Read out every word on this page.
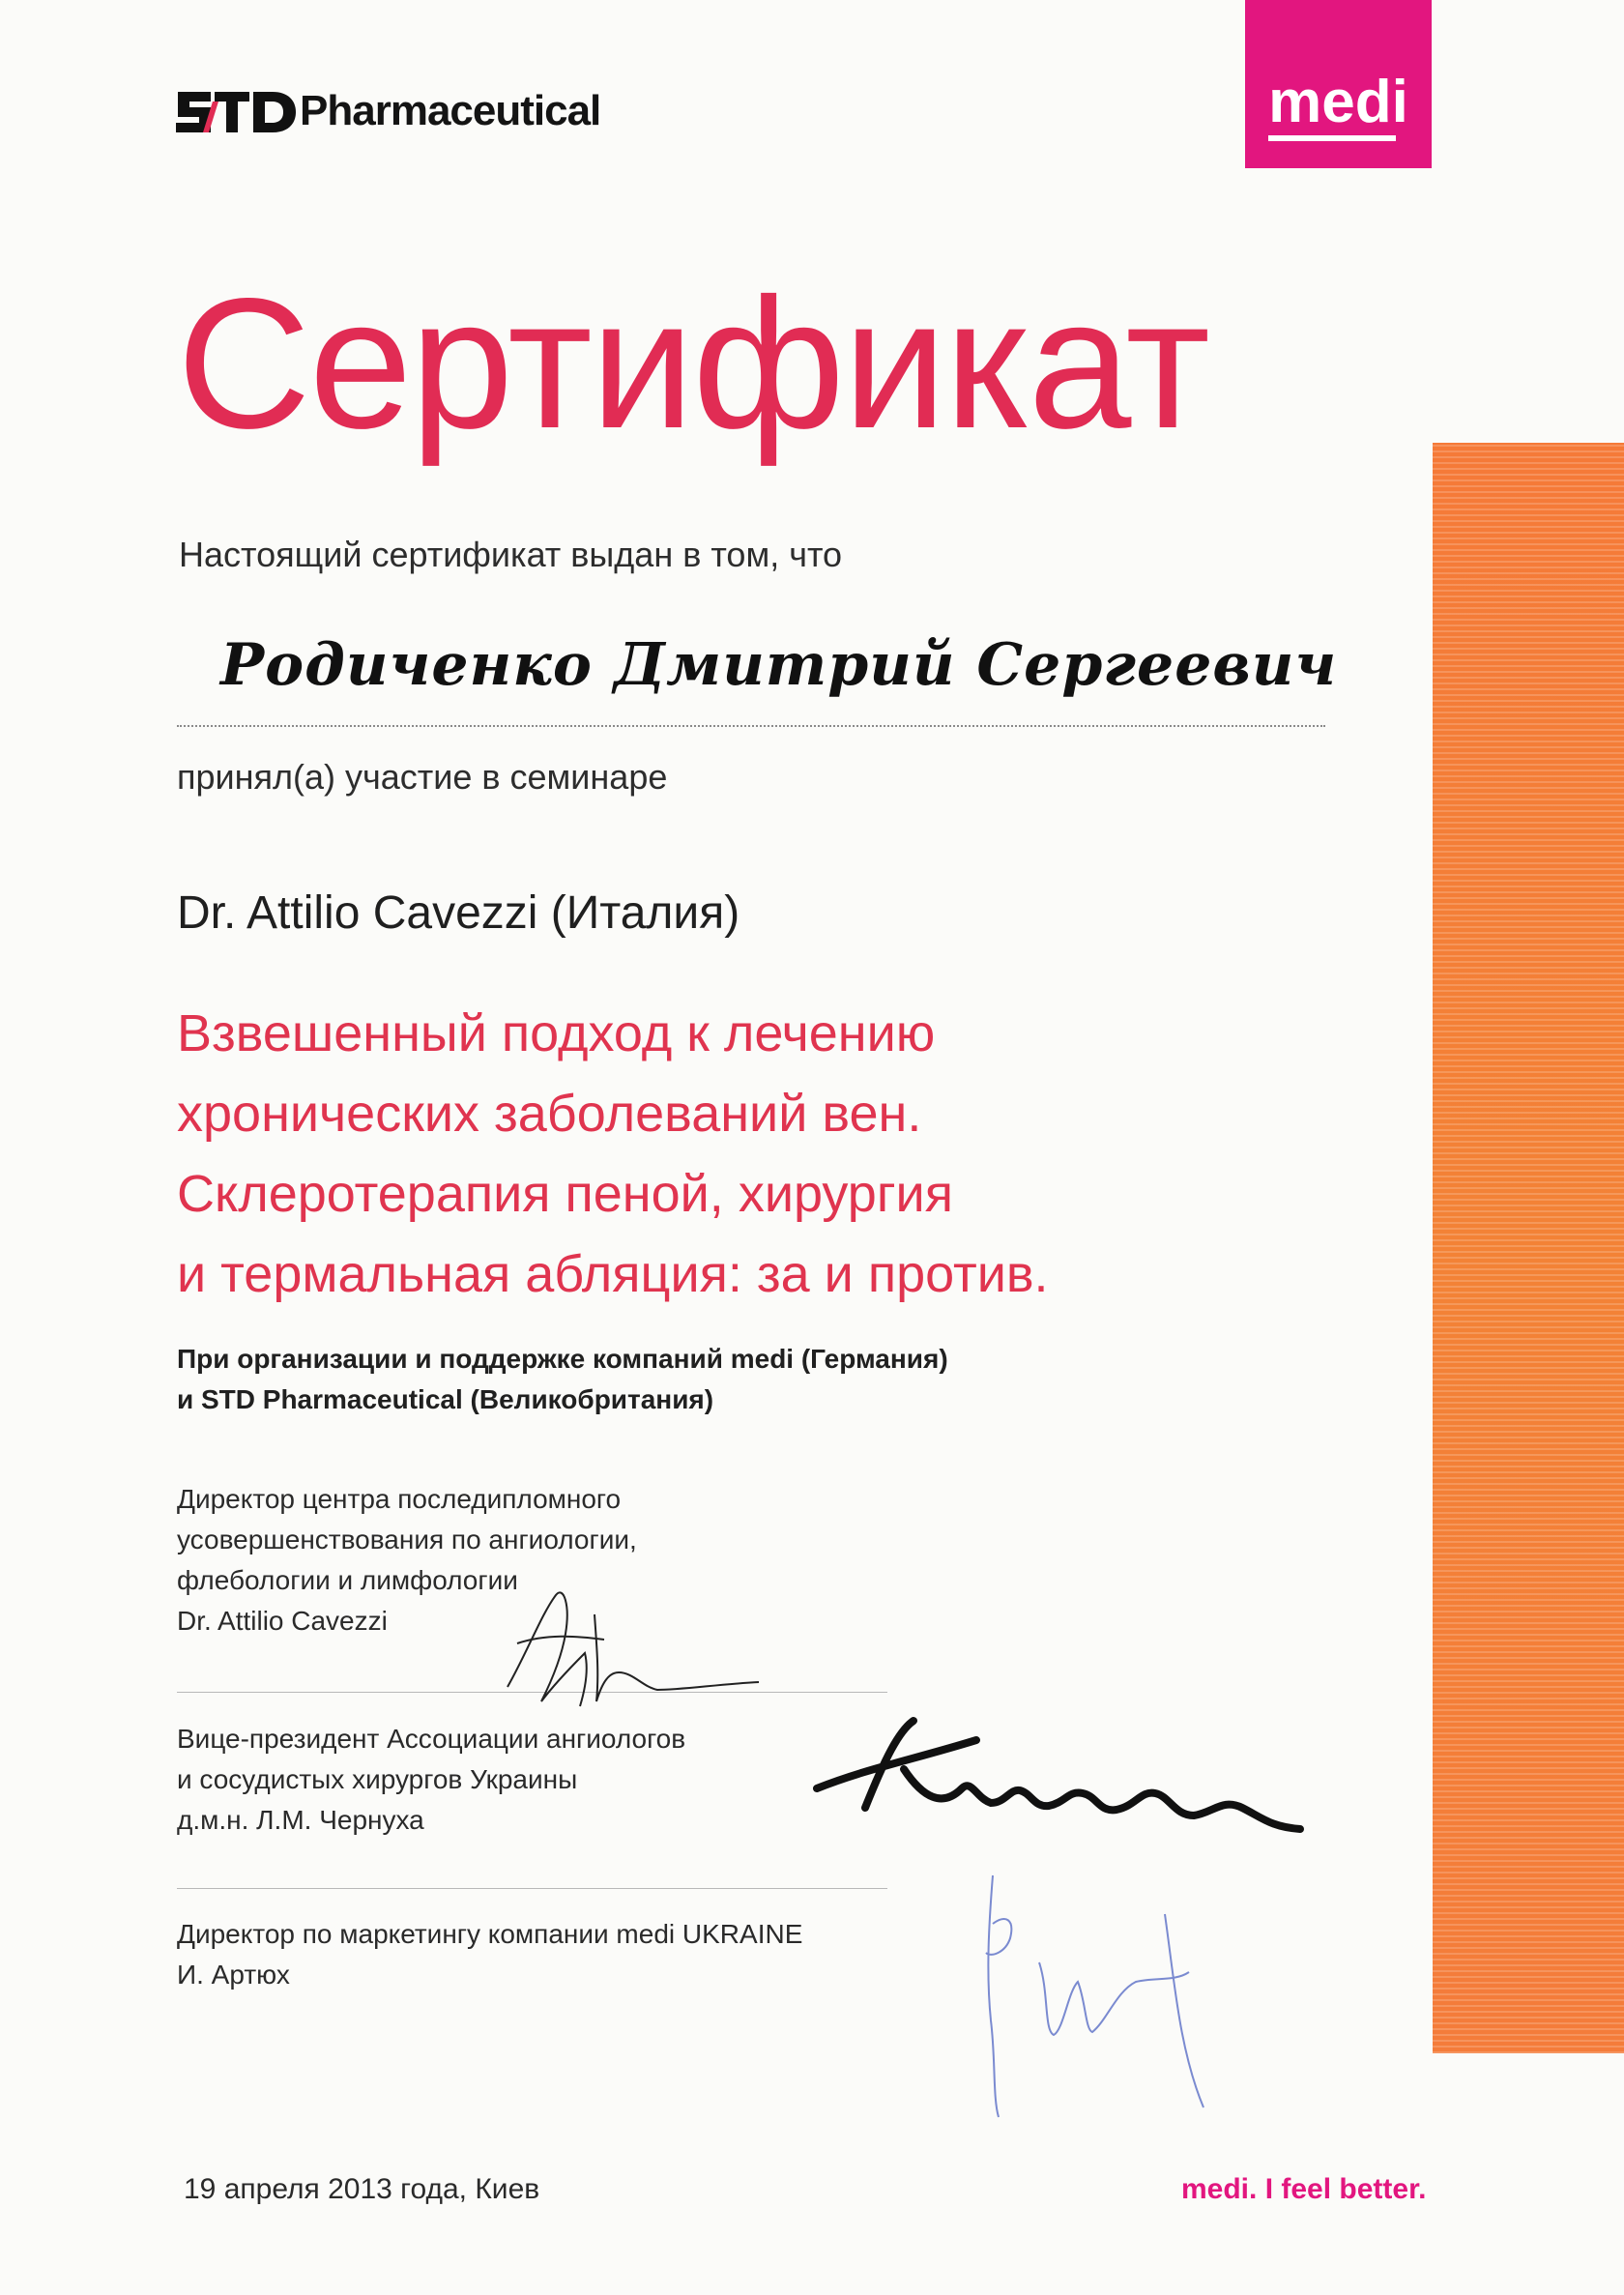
Pharmaceutical	medi
Сертификат
Настоящий сертификат выдан в том, что
Родиченко Дмитрий Сергеевич
принял(а) участие в семинаре
Dr. Attilio Cavezzi (Италия)
Взвешенный подход к лечению
хронических заболеваний вен.
Склеротерапия пеной, хирургия
и термальная абляция: за и против.
При организации и поддержке компаний medi (Германия)
и STD Pharmaceutical (Великобритания)
Директор центра последипломного
усовершенствования по ангиологии,
флебологии и лимфологии
Dr. Attilio Cavezzi
Вице-президент Ассоциации ангиологов
и сосудистых хирургов Украины
д.м.н. Л.М. Чернуха
Директор по маркетингу компании medi UKRAINE
И. Артюх
19 апреля 2013 года, Киев	medi. I feel better.
